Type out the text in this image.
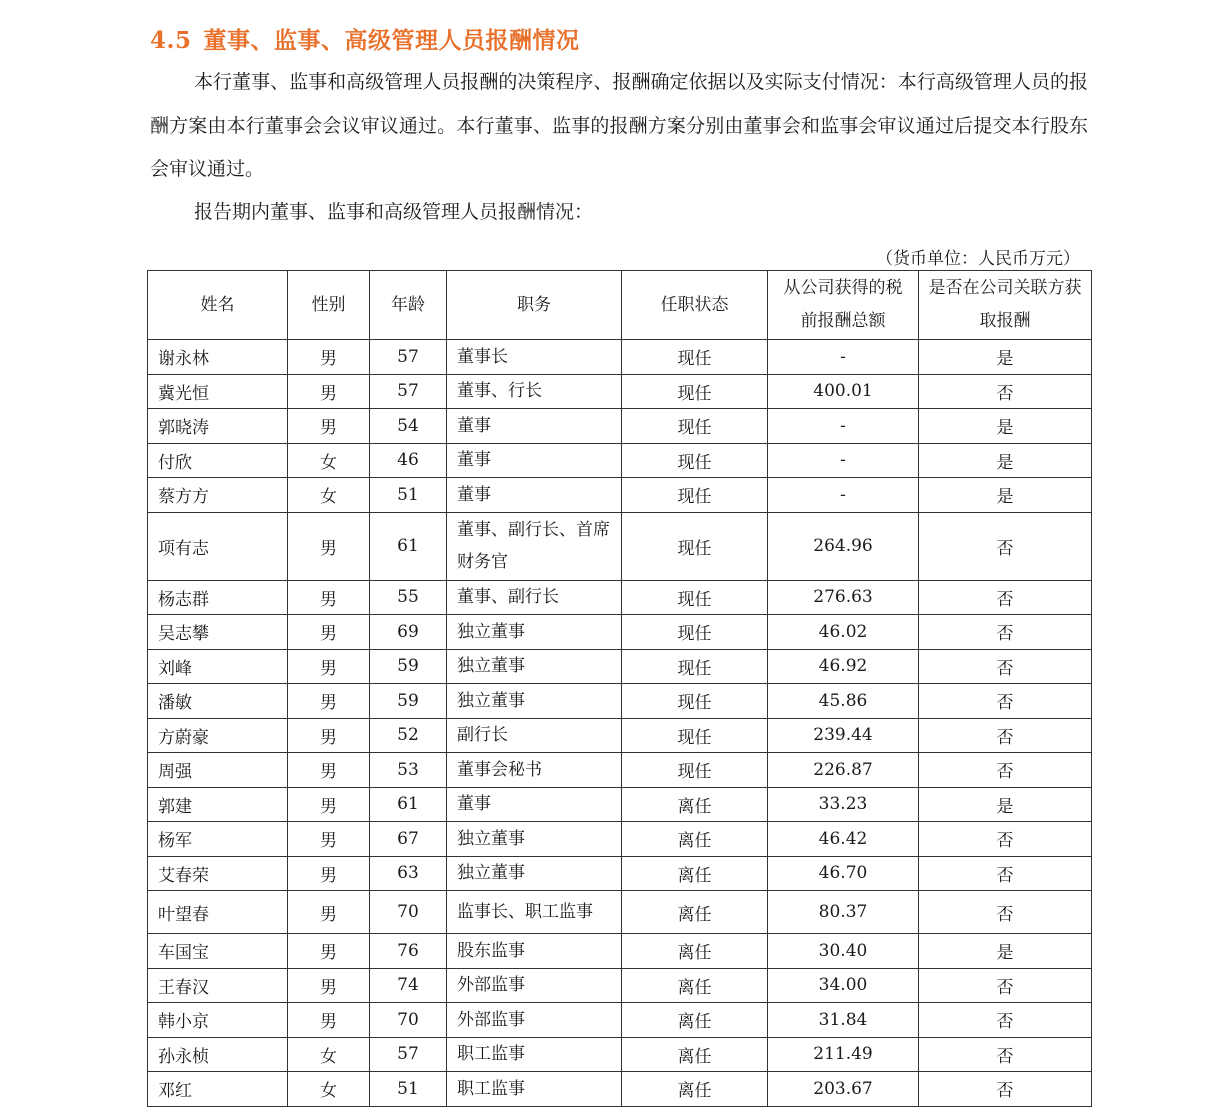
4.5 董事、监事、高级管理人员报酬情况
本行董事、监事和高级管理人员报酬的决策程序、报酬确定依据以及实际支付情况：本行高级管理人员的报酬方案由本行董事会会议审议通过。本行董事、监事的报酬方案分别由董事会和监事会审议通过后提交本行股东会审议通过。
报告期内董事、监事和高级管理人员报酬情况：
（货币单位：人民币万元）
姓名	性别	年龄	职务	任职状态	从公司获得的税前报酬总额	是否在公司关联方获取报酬
谢永林	男	57	董事长	现任	-	是
冀光恒	男	57	董事、行长	现任	400.01	否
郭晓涛	男	54	董事	现任	-	是
付欣	女	46	董事	现任	-	是
蔡方方	女	51	董事	现任	-	是
项有志	男	61	董事、副行长、首席财务官	现任	264.96	否
杨志群	男	55	董事、副行长	现任	276.63	否
吴志攀	男	69	独立董事	现任	46.02	否
刘峰	男	59	独立董事	现任	46.92	否
潘敏	男	59	独立董事	现任	45.86	否
方蔚豪	男	52	副行长	现任	239.44	否
周强	男	53	董事会秘书	现任	226.87	否
郭建	男	61	董事	离任	33.23	是
杨军	男	67	独立董事	离任	46.42	否
艾春荣	男	63	独立董事	离任	46.70	否
叶望春	男	70	监事长、职工监事	离任	80.37	否
车国宝	男	76	股东监事	离任	30.40	是
王春汉	男	74	外部监事	离任	34.00	否
韩小京	男	70	外部监事	离任	31.84	否
孙永桢	女	57	职工监事	离任	211.49	否
邓红	女	51	职工监事	离任	203.67	否
